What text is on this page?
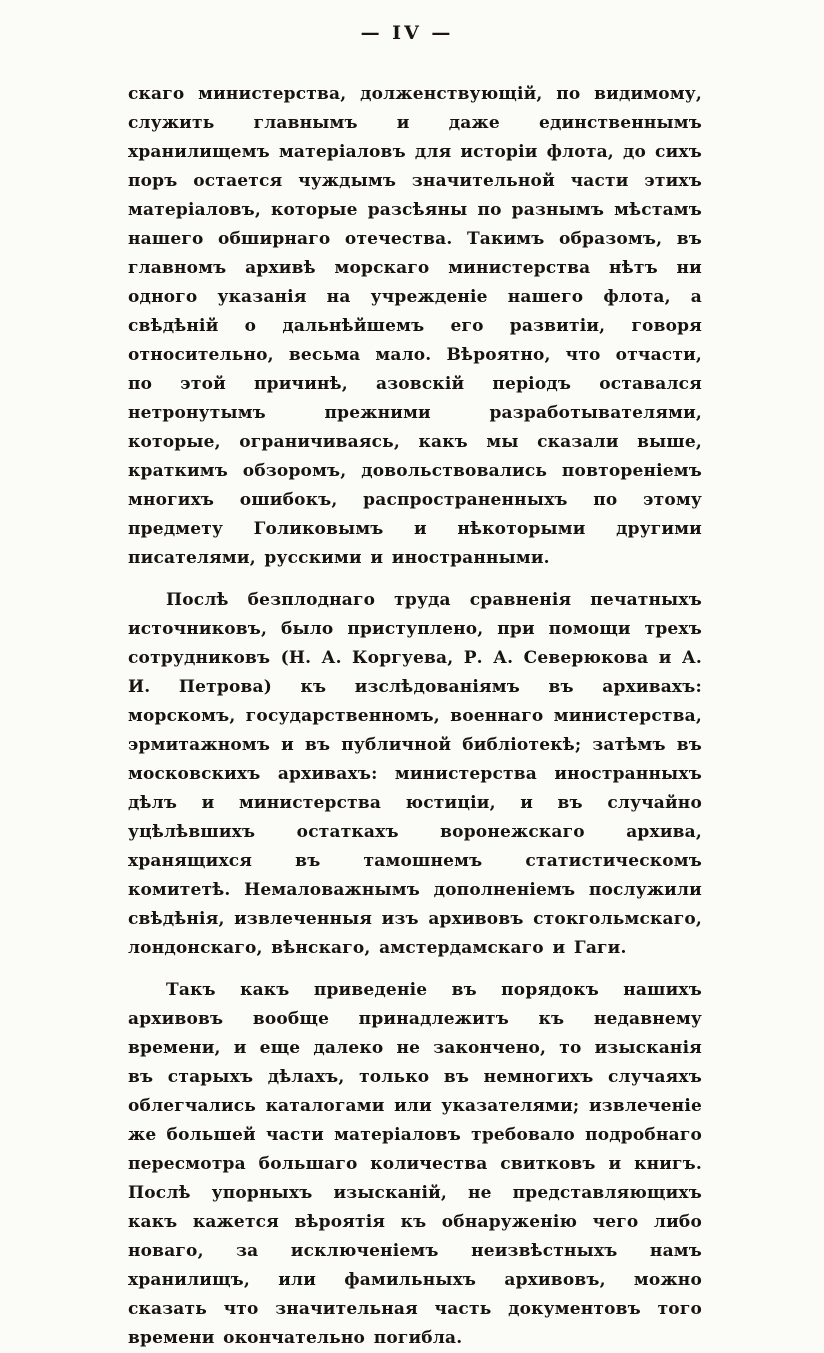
— IV —

скаго министерства, долженствующій, по видимому, служить главнымъ и даже единственнымъ хранилищемъ матеріаловъ для исторіи флота, до сихъ поръ остается чуждымъ значительной части этихъ матеріаловъ, которые разсѣяны по разнымъ мѣстамъ нашего обширнаго отечества. Такимъ образомъ, въ главномъ архивѣ морскаго министерства нѣтъ ни одного указанія на учрежденіе нашего флота, а свѣдѣній о дальнѣйшемъ его развитіи, говоря относительно, весьма мало. Вѣроятно, что отчасти, по этой причинѣ, азовскій періодъ оставался нетронутымъ прежними разработывателями, которые, ограничиваясь, какъ мы сказали выше, краткимъ обзоромъ, довольствовались повтореніемъ многихъ ошибокъ, распространенныхъ по этому предмету Голиковымъ и нѣкоторыми другими писателями, русскими и иностранными.

Послѣ безплоднаго труда сравненія печатныхъ источниковъ, было приступлено, при помощи трехъ сотрудниковъ (Н. А. Коргуева, Р. А. Северюкова и А. И. Петрова) къ изслѣдованіямъ въ архивахъ: морскомъ, государственномъ, военнаго министерства, эрмитажномъ и въ публичной библіотекѣ; затѣмъ въ московскихъ архивахъ: министерства иностранныхъ дѣлъ и министерства юстиціи, и въ случайно уцѣлѣвшихъ остаткахъ воронежскаго архива, хранящихся въ тамошнемъ статистическомъ комитетѣ. Немаловажнымъ дополненіемъ послужили свѣдѣнія, извлеченныя изъ архивовъ стокгольмскаго, лондонскаго, вѣнскаго, амстердамскаго и Гаги.

Такъ какъ приведеніе въ порядокъ нашихъ архивовъ вообще принадлежитъ къ недавнему времени, и еще далеко не закончено, то изысканія въ старыхъ дѣлахъ, только въ немногихъ случаяхъ облегчались каталогами или указателями; извлеченіе же большей части матеріаловъ требовало подробнаго пересмотра большаго количества свитковъ и книгъ. Послѣ упорныхъ изысканій, не представляющихъ какъ кажется вѣроятія къ обнаруженію чего либо новаго, за исключеніемъ неизвѣстныхъ намъ хранилищъ, или фамильныхъ архивовъ, можно сказать что значительная часть документовъ того времени окончательно погибла.
